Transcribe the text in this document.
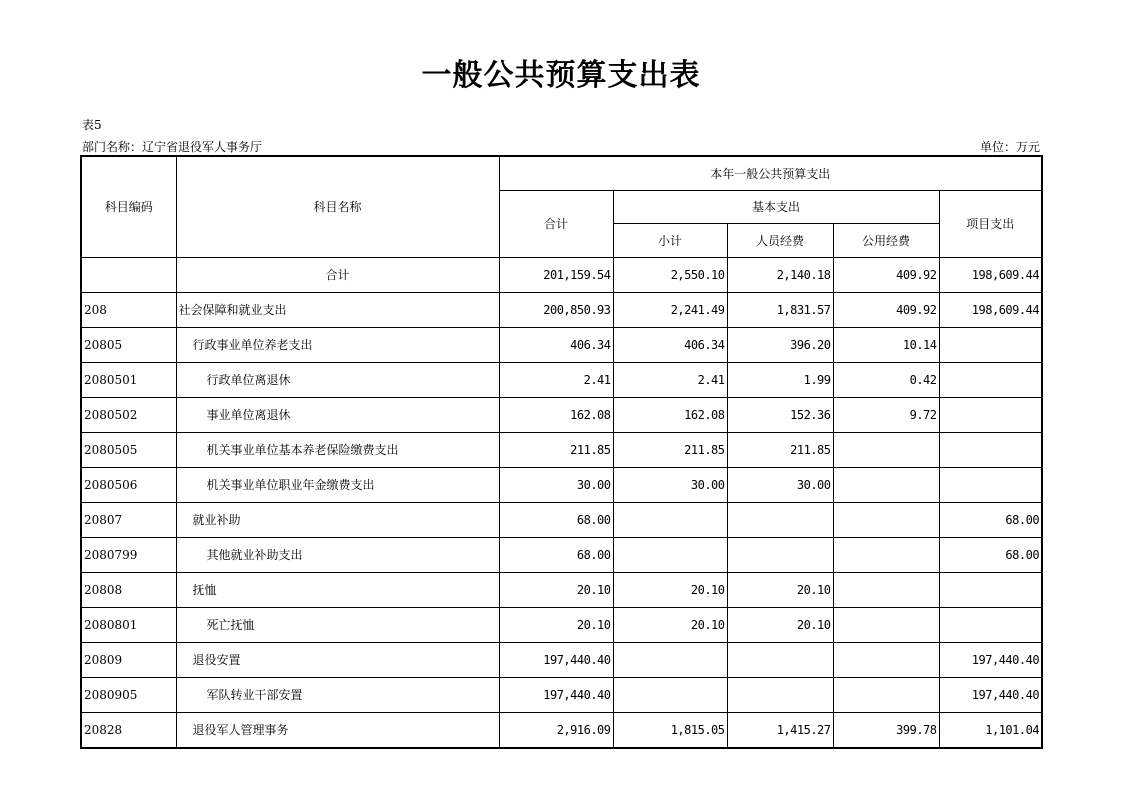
一般公共预算支出表
表5
部门名称：辽宁省退役军人事务厅	单位：万元
科目编码	科目名称	本年一般公共预算支出				
		合计	基本支出			项目支出
			小计	人员经费	公用经费	
	合计	201,159.54	2,550.10	2,140.18	409.92	198,609.44
208	社会保障和就业支出	200,850.93	2,241.49	1,831.57	409.92	198,609.44
20805	行政事业单位养老支出	406.34	406.34	396.20	10.14	
2080501	行政单位离退休	2.41	2.41	1.99	0.42	
2080502	事业单位离退休	162.08	162.08	152.36	9.72	
2080505	机关事业单位基本养老保险缴费支出	211.85	211.85	211.85		
2080506	机关事业单位职业年金缴费支出	30.00	30.00	30.00		
20807	就业补助	68.00				68.00
2080799	其他就业补助支出	68.00				68.00
20808	抚恤	20.10	20.10	20.10		
2080801	死亡抚恤	20.10	20.10	20.10		
20809	退役安置	197,440.40				197,440.40
2080905	军队转业干部安置	197,440.40				197,440.40
20828	退役军人管理事务	2,916.09	1,815.05	1,415.27	399.78	1,101.04
